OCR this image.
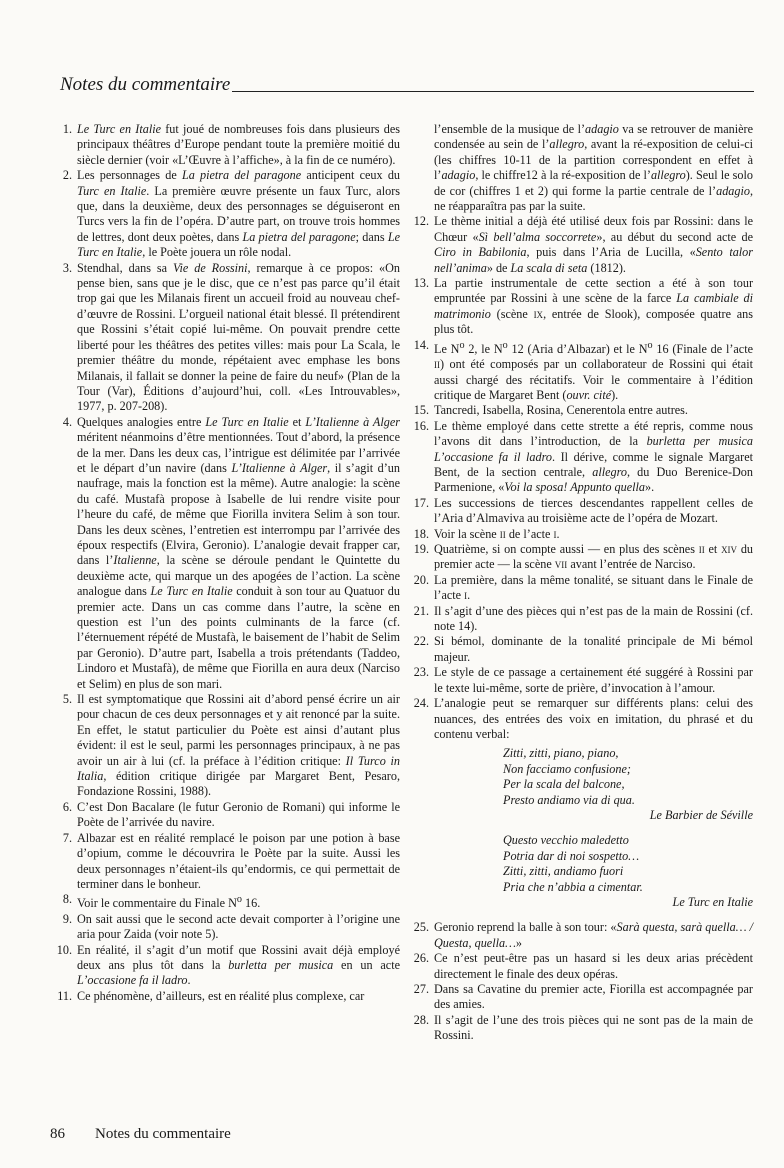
Notes du commentaire
1. Le Turc en Italie fut joué de nombreuses fois dans plusieurs des principaux théâtres d’Europe pendant toute la première moitié du siècle dernier (voir «L’Œuvre à l’affiche», à la fin de ce numéro).
2. Les personnages de La pietra del paragone anticipent ceux du Turc en Italie. La première œuvre présente un faux Turc, alors que, dans la deuxième, deux des personnages se déguiseront en Turcs vers la fin de l’opéra. D’autre part, on trouve trois hommes de lettres, dont deux poètes, dans La pietra del paragone; dans Le Turc en Italie, le Poète jouera un rôle nodal.
3. Stendhal, dans sa Vie de Rossini, remarque à ce propos: «On pense bien, sans que je le disc, que ce n’est pas parce qu’il était trop gai que les Milanais firent un accueil froid au nouveau chef-d’œuvre de Rossini. L’orgueil national était blessé. Il prétendirent que Rossini s’était copié lui-même. On pouvait prendre cette liberté pour les théâtres des petites villes: mais pour La Scala, le premier théâtre du monde, répétaient avec emphase les bons Milanais, il fallait se donner la peine de faire du neuf» (Plan de la Tour (Var), Éditions d’aujourd’hui, coll. «Les Introuvables», 1977, p. 207-208).
4. Quelques analogies entre Le Turc en Italie et L’Italienne à Alger méritent néanmoins d’être mentionnées. Tout d’abord, la présence de la mer. Dans les deux cas, l’intrigue est délimitée par l’arrivée et le départ d’un navire (dans L’Italienne à Alger, il s’agit d’un naufrage, mais la fonction est la même). Autre analogie: la scène du café. Mustafà propose à Isabelle de lui rendre visite pour l’heure du café, de même que Fiorilla invitera Selim à son tour. Dans les deux scènes, l’entretien est interrompu par l’arrivée des époux respectifs (Elvira, Geronio). L’analogie devait frapper car, dans l’Italienne, la scène se déroule pendant le Quintette du deuxième acte, qui marque un des apogées de l’action. La scène analogue dans Le Turc en Italie conduit à son tour au Quatuor du premier acte. Dans un cas comme dans l’autre, la scène en question est l’un des points culminants de la farce (cf. l’éternuement répété de Mustafà, le baisement de l’habit de Selim par Geronio). D’autre part, Isabella a trois prétendants (Taddeo, Lindoro et Mustafà), de même que Fiorilla en aura deux (Narciso et Selim) en plus de son mari.
5. Il est symptomatique que Rossini ait d’abord pensé écrire un air pour chacun de ces deux personnages et y ait renoncé par la suite. En effet, le statut particulier du Poète est ainsi d’autant plus évident: il est le seul, parmi les personnages principaux, à ne pas avoir un air à lui (cf. la préface à l’édition critique: Il Turco in Italia, édition critique dirigée par Margaret Bent, Pesaro, Fondazione Rossini, 1988).
6. C’est Don Bacalare (le futur Geronio de Romani) qui informe le Poète de l’arrivée du navire.
7. Albazar est en réalité remplacé le poison par une potion à base d’opium, comme le découvrira le Poète par la suite. Aussi les deux personnages n’étaient-ils qu’endormis, ce qui permettait de terminer dans le bonheur.
8. Voir le commentaire du Finale $N^o$ 16.
9. On sait aussi que le second acte devait comporter à l’origine une aria pour Zaida (voir note 5).
10. En réalité, il s’agit d’un motif que Rossini avait déjà employé deux ans plus tôt dans la burletta per musica en un acte L’occasione fa il ladro.
11. Ce phénomène, d’ailleurs, est en réalité plus complexe, car
l’ensemble de la musique de l’adagio va se retrouver de manière condensée au sein de l’allegro, avant la ré-exposition de celui-ci (les chiffres 10-11 de la partition correspondent en effet à l’adagio, le chiffre12 à la ré-exposition de l’allegro). Seul le solo de cor (chiffres 1 et 2) qui forme la partie centrale de l’adagio, ne réapparaîtra pas par la suite.
12. Le thème initial a déjà été utilisé deux fois par Rossini: dans le Chœur «Sì bell’alma soccorrete», au début du second acte de Ciro in Babilonia, puis dans l’Aria de Lucilla, «Sento talor nell’anima» de La scala di seta (1812).
13. La partie instrumentale de cette section a été à son tour empruntée par Rossini à une scène de la farce La cambiale di matrimonio (scène ix, entrée de Slook), composée quatre ans plus tôt.
14. Le $N^o$ 2, le $N^o$ 12 (Aria d’Albazar) et le $N^o$ 16 (Finale de l’acte ii) ont été composés par un collaborateur de Rossini qui était aussi chargé des récitatifs. Voir le commentaire à l’édition critique de Margaret Bent (ouvr. cité).
15. Tancredi, Isabella, Rosina, Cenerentola entre autres.
16. Le thème employé dans cette strette a été repris, comme nous l’avons dit dans l’introduction, de la burletta per musica L’occasione fa il ladro. Il dérive, comme le signale Margaret Bent, de la section centrale, allegro, du Duo Berenice-Don Parmenione, «Voi la sposa! Appunto quella».
17. Les successions de tierces descendantes rappellent celles de l’Aria d’Almaviva au troisième acte de l’opéra de Mozart.
18. Voir la scène ii de l’acte i.
19. Quatrième, si on compte aussi — en plus des scènes ii et xiv du premier acte — la scène vii avant l’entrée de Narciso.
20. La première, dans la même tonalité, se situant dans le Finale de l’acte i.
21. Il s’agit d’une des pièces qui n’est pas de la main de Rossini (cf. note 14).
22. Si bémol, dominante de la tonalité principale de Mi bémol majeur.
23. Le style de ce passage a certainement été suggéré à Rossini par le texte lui-même, sorte de prière, d’invocation à l’amour.
24. L’analogie peut se remarquer sur différents plans: celui des nuances, des entrées des voix en imitation, du phrasé et du contenu verbal:
Zitti, zitti, piano, piano,
Non facciamo confusione;
Per la scala del balcone,
Presto andiamo via di qua.
Le Barbier de Séville
Questo vecchio maledetto
Potria dar di noi sospetto…
Zitti, zitti, andiamo fuori
Pria che n’abbia a cimentar.
Le Turc en Italie
25. Geronio reprend la balle à son tour: «Sarà questa, sarà quella… / Questa, quella…»
26. Ce n’est peut-être pas un hasard si les deux arias précèdent directement le finale des deux opéras.
27. Dans sa Cavatine du premier acte, Fiorilla est accompagnée par des amies.
28. Il s’agit de l’une des trois pièces qui ne sont pas de la main de Rossini.
86 Notes du commentaire
